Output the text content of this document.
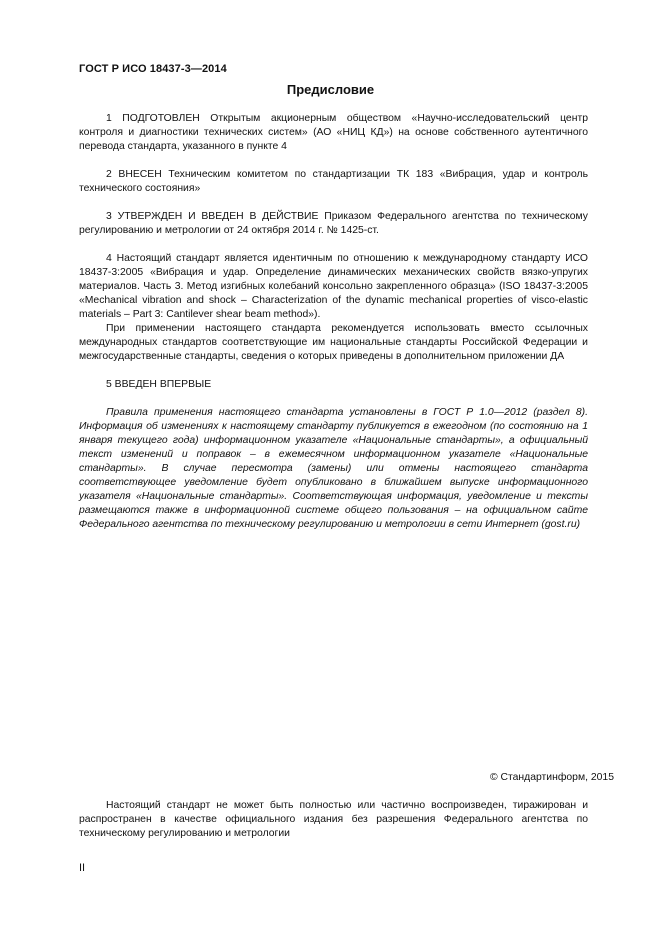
ГОСТ Р ИСО 18437-3—2014
Предисловие

1 ПОДГОТОВЛЕН Открытым акционерным обществом «Научно-исследовательский центр контроля и диагностики технических систем» (АО «НИЦ КД») на основе собственного аутентичного перевода стандарта, указанного в пункте 4

2 ВНЕСЕН Техническим комитетом по стандартизации ТК 183 «Вибрация, удар и контроль технического состояния»

3 УТВЕРЖДЕН И ВВЕДЕН В ДЕЙСТВИЕ Приказом Федерального агентства по техническому регулированию и метрологии от 24 октября 2014 г. № 1425-ст.

4 Настоящий стандарт является идентичным по отношению к международному стандарту ИСО 18437-3:2005 «Вибрация и удар. Определение динамических механических свойств вязко-упругих материалов. Часть 3. Метод изгибных колебаний консольно закрепленного образца» (ISO 18437-3:2005 «Mechanical vibration and shock – Characterization of the dynamic mechanical properties of visco-elastic materials – Part 3: Cantilever shear beam method»).

При применении настоящего стандарта рекомендуется использовать вместо ссылочных международных стандартов соответствующие им национальные стандарты Российской Федерации и межгосударственные стандарты, сведения о которых приведены в дополнительном приложении ДА

5 ВВЕДЕН ВПЕРВЫЕ

Правила применения настоящего стандарта установлены в ГОСТ Р 1.0—2012 (раздел 8). Информация об изменениях к настоящему стандарту публикуется в ежегодном (по состоянию на 1 января текущего года) информационном указателе «Национальные стандарты», а официальный текст изменений и поправок – в ежемесячном информационном указателе «Национальные стандарты». В случае пересмотра (замены) или отмены настоящего стандарта соответствующее уведомление будет опубликовано в ближайшем выпуске информационного указателя «Национальные стандарты». Соответствующая информация, уведомление и тексты размещаются также в информационной системе общего пользования – на официальном сайте Федерального агентства по техническому регулированию и метрологии в сети Интернет (gost.ru)

© Стандартинформ, 2015

Настоящий стандарт не может быть полностью или частично воспроизведен, тиражирован и распространен в качестве официального издания без разрешения Федерального агентства по техническому регулированию и метрологии

II
